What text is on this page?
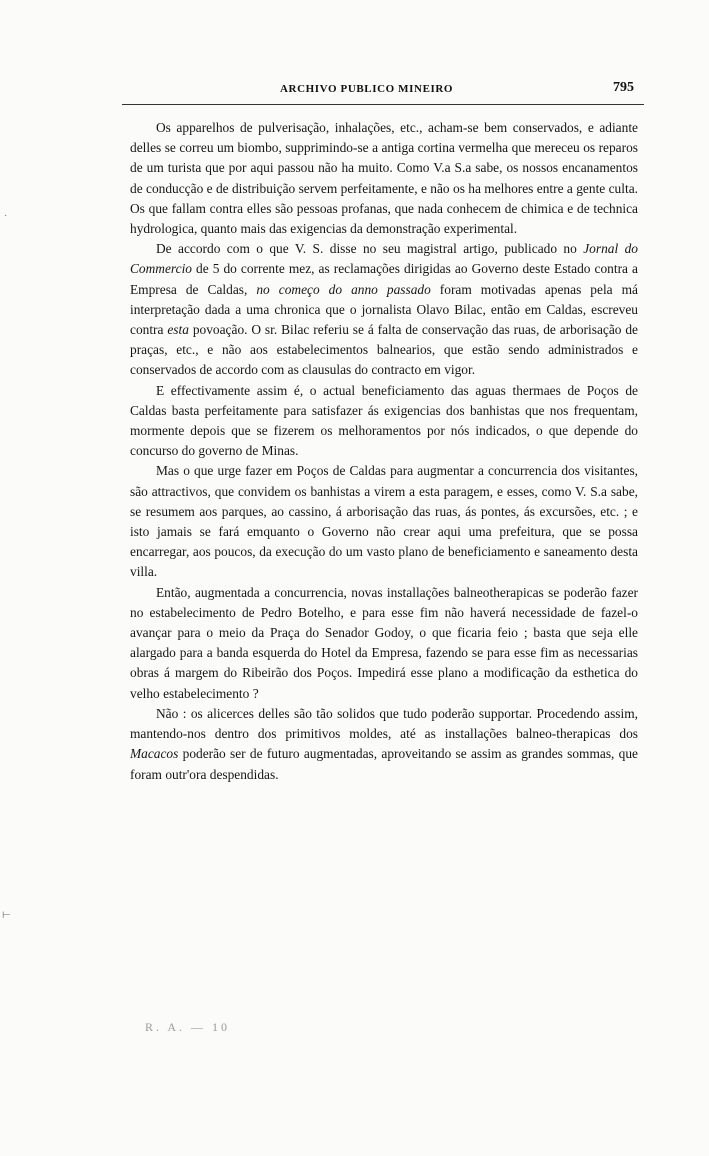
ARCHIVO PUBLICO MINEIRO	795
·
⊢

Os apparelhos de pulverisação, inhalações, etc., acham-se bem conservados, e adiante delles se correu um biombo, supprimindo-se a antiga cortina vermelha que mereceu os reparos de um turista que por aqui passou não ha muito. Como V.a S.a sabe, os nossos encanamentos de conducção e de distribuição servem perfeitamente, e não os ha melhores entre a gente culta. Os que fallam contra elles são pessoas profanas, que nada conhecem de chimica e de technica hydrologica, quanto mais das exigencias da demonstração experimental.

De accordo com o que V. S. disse no seu magistral artigo, publicado no Jornal do Commercio de 5 do corrente mez, as reclamações dirigidas ao Governo deste Estado contra a Empresa de Caldas, no começo do anno passado foram motivadas apenas pela má interpretação dada a uma chronica que o jornalista Olavo Bilac, então em Caldas, escreveu contra esta povoação. O sr. Bilac referiu se á falta de conservação das ruas, de arborisação de praças, etc., e não aos estabelecimentos balnearios, que estão sendo administrados e conservados de accordo com as clausulas do contracto em vigor.

E effectivamente assim é, o actual beneficiamento das aguas thermaes de Poços de Caldas basta perfeitamente para satisfazer ás exigencias dos banhistas que nos frequentam, mormente depois que se fizerem os melhoramentos por nós indicados, o que depende do concurso do governo de Minas.

Mas o que urge fazer em Poços de Caldas para augmentar a concurrencia dos visitantes, são attractivos, que convidem os banhistas a virem a esta paragem, e esses, como V. S.a sabe, se resumem aos parques, ao cassino, á arborisação das ruas, ás pontes, ás excursões, etc. ; e isto jamais se fará emquanto o Governo não crear aqui uma prefeitura, que se possa encarregar, aos poucos, da execução do um vasto plano de beneficiamento e saneamento desta villa.

Então, augmentada a concurrencia, novas installações balneotherapicas se poderão fazer no estabelecimento de Pedro Botelho, e para esse fim não haverá necessidade de fazel-o avançar para o meio da Praça do Senador Godoy, o que ficaria feio ; basta que seja elle alargado para a banda esquerda do Hotel da Empresa, fazendo se para esse fim as necessarias obras á margem do Ribeirão dos Poços. Impedirá esse plano a modificação da esthetica do velho estabelecimento ?

Não : os alicerces delles são tão solidos que tudo poderão supportar. Procedendo assim, mantendo-nos dentro dos primitivos moldes, até as installações balneo-therapicas dos Macacos poderão ser de futuro augmentadas, aproveitando se assim as grandes sommas, que foram outr'ora despendidas.

R. A. — 10
